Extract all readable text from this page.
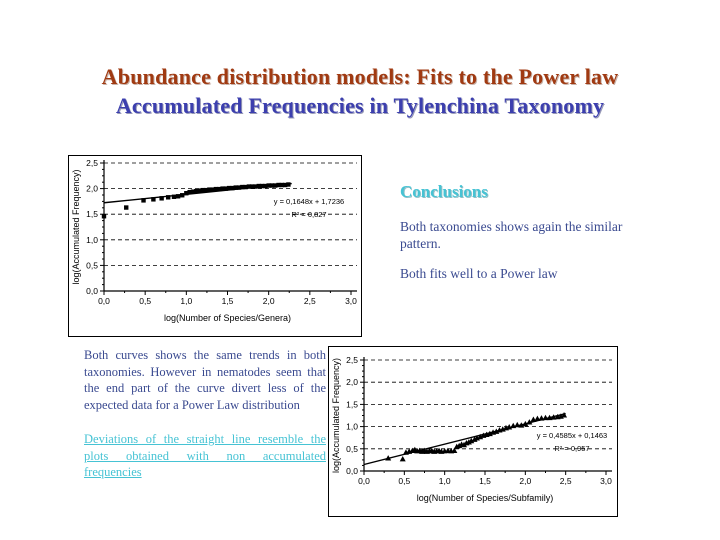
Abundance distribution models: Fits to the Power law
Accumulated Frequencies in Tylenchina Taxonomy
0,0	0,5	1,0	1,5	2,0	2,5	3,0
0,0
0,5
1,0
1,5
2,0
2,5
log(Number of Species/Genera)
log(Accumulated Frequency)	y = 0,1648x + 1,7236
R² = 0,827
Conclusions

Both taxonomies shows again the similar pattern.

Both fits well to a Power law

Both curves shows the same trends in both taxonomies. However in nematodes seem that the end part of the curve divert less of the expected data for a Power Law distribution

Deviations of the straight line resemble the plots obtained with non accumulated frequencies

0,0	0,5	1,0	1,5	2,0	2,5	3,0
0,0
0,5
1,0
1,5
2,0
2,5
log(Number of Species/Subfamily)
log(Accumulated Frequency)	y = 0,4585x + 0,1463
R² = 0,957
